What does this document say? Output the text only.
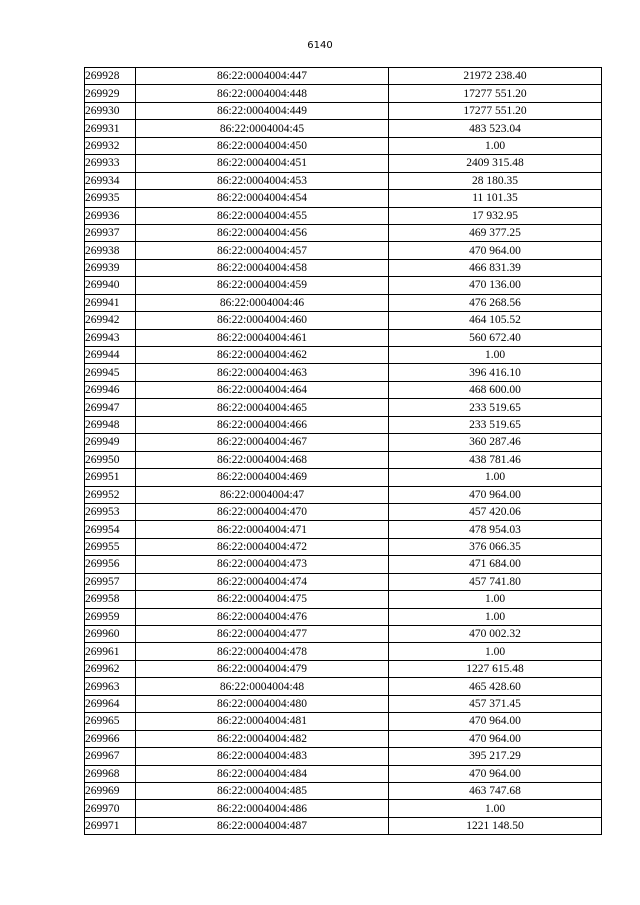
6140
269928	86:22:0004004:447	21972 238.40
269929	86:22:0004004:448	17277 551.20
269930	86:22:0004004:449	17277 551.20
269931	86:22:0004004:45	483 523.04
269932	86:22:0004004:450	1.00
269933	86:22:0004004:451	2409 315.48
269934	86:22:0004004:453	28 180.35
269935	86:22:0004004:454	11 101.35
269936	86:22:0004004:455	17 932.95
269937	86:22:0004004:456	469 377.25
269938	86:22:0004004:457	470 964.00
269939	86:22:0004004:458	466 831.39
269940	86:22:0004004:459	470 136.00
269941	86:22:0004004:46	476 268.56
269942	86:22:0004004:460	464 105.52
269943	86:22:0004004:461	560 672.40
269944	86:22:0004004:462	1.00
269945	86:22:0004004:463	396 416.10
269946	86:22:0004004:464	468 600.00
269947	86:22:0004004:465	233 519.65
269948	86:22:0004004:466	233 519.65
269949	86:22:0004004:467	360 287.46
269950	86:22:0004004:468	438 781.46
269951	86:22:0004004:469	1.00
269952	86:22:0004004:47	470 964.00
269953	86:22:0004004:470	457 420.06
269954	86:22:0004004:471	478 954.03
269955	86:22:0004004:472	376 066.35
269956	86:22:0004004:473	471 684.00
269957	86:22:0004004:474	457 741.80
269958	86:22:0004004:475	1.00
269959	86:22:0004004:476	1.00
269960	86:22:0004004:477	470 002.32
269961	86:22:0004004:478	1.00
269962	86:22:0004004:479	1227 615.48
269963	86:22:0004004:48	465 428.60
269964	86:22:0004004:480	457 371.45
269965	86:22:0004004:481	470 964.00
269966	86:22:0004004:482	470 964.00
269967	86:22:0004004:483	395 217.29
269968	86:22:0004004:484	470 964.00
269969	86:22:0004004:485	463 747.68
269970	86:22:0004004:486	1.00
269971	86:22:0004004:487	1221 148.50
